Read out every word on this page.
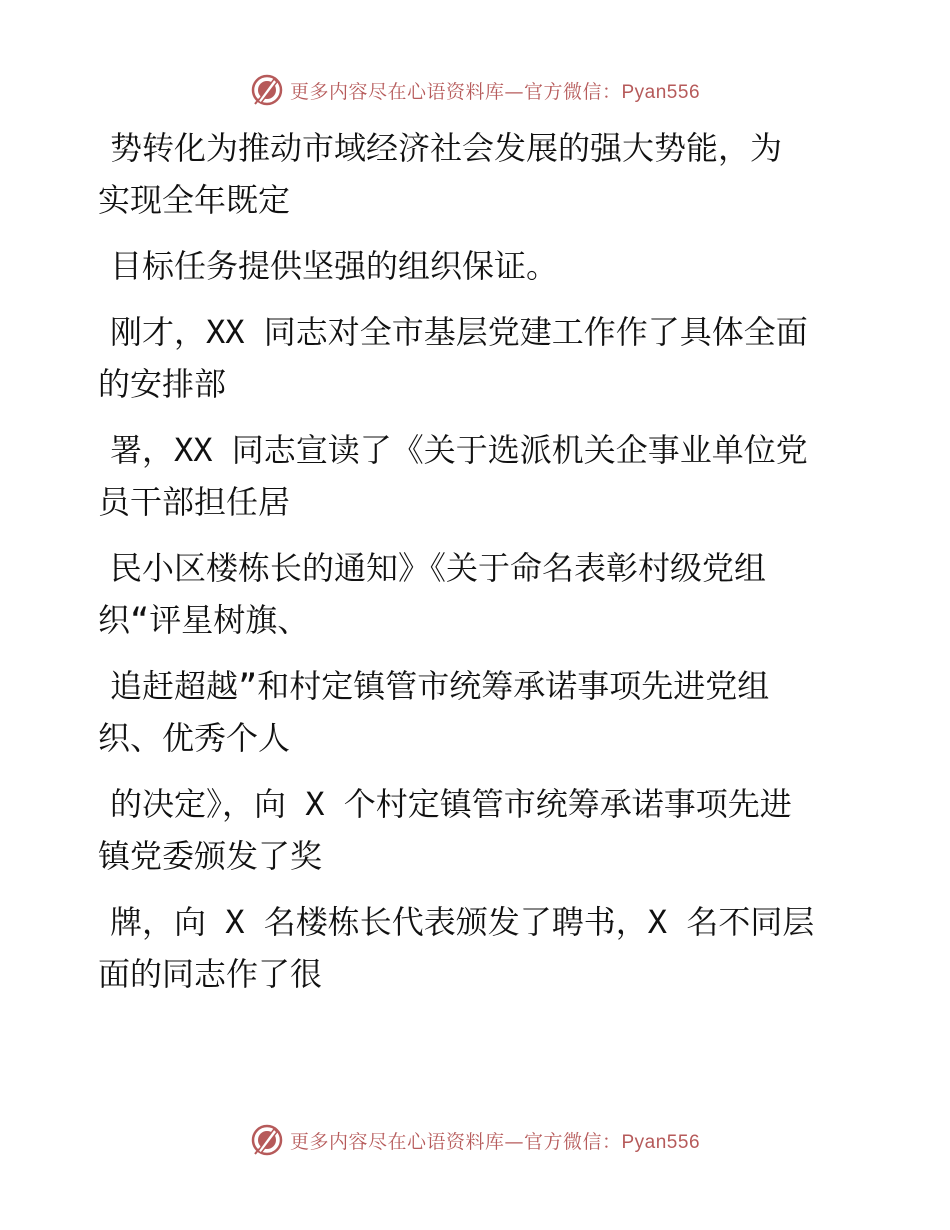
更多内容尽在心语资料库—官方微信：Pyan556
势转化为推动市域经济社会发展的强大势能，为
实现全年既定
目标任务提供坚强的组织保证。
刚才，XX 同志对全市基层党建工作作了具体全面
的安排部
署，XX 同志宣读了《关于选派机关企事业单位党
员干部担任居
民小区楼栋长的通知》《关于命名表彰村级党组
织“评星树旗、
追赶超越”和村定镇管市统筹承诺事项先进党组
织、优秀个人
的决定》，向 X 个村定镇管市统筹承诺事项先进
镇党委颁发了奖
牌，向 X 名楼栋长代表颁发了聘书，X 名不同层
面的同志作了很
更多内容尽在心语资料库—官方微信：Pyan556
